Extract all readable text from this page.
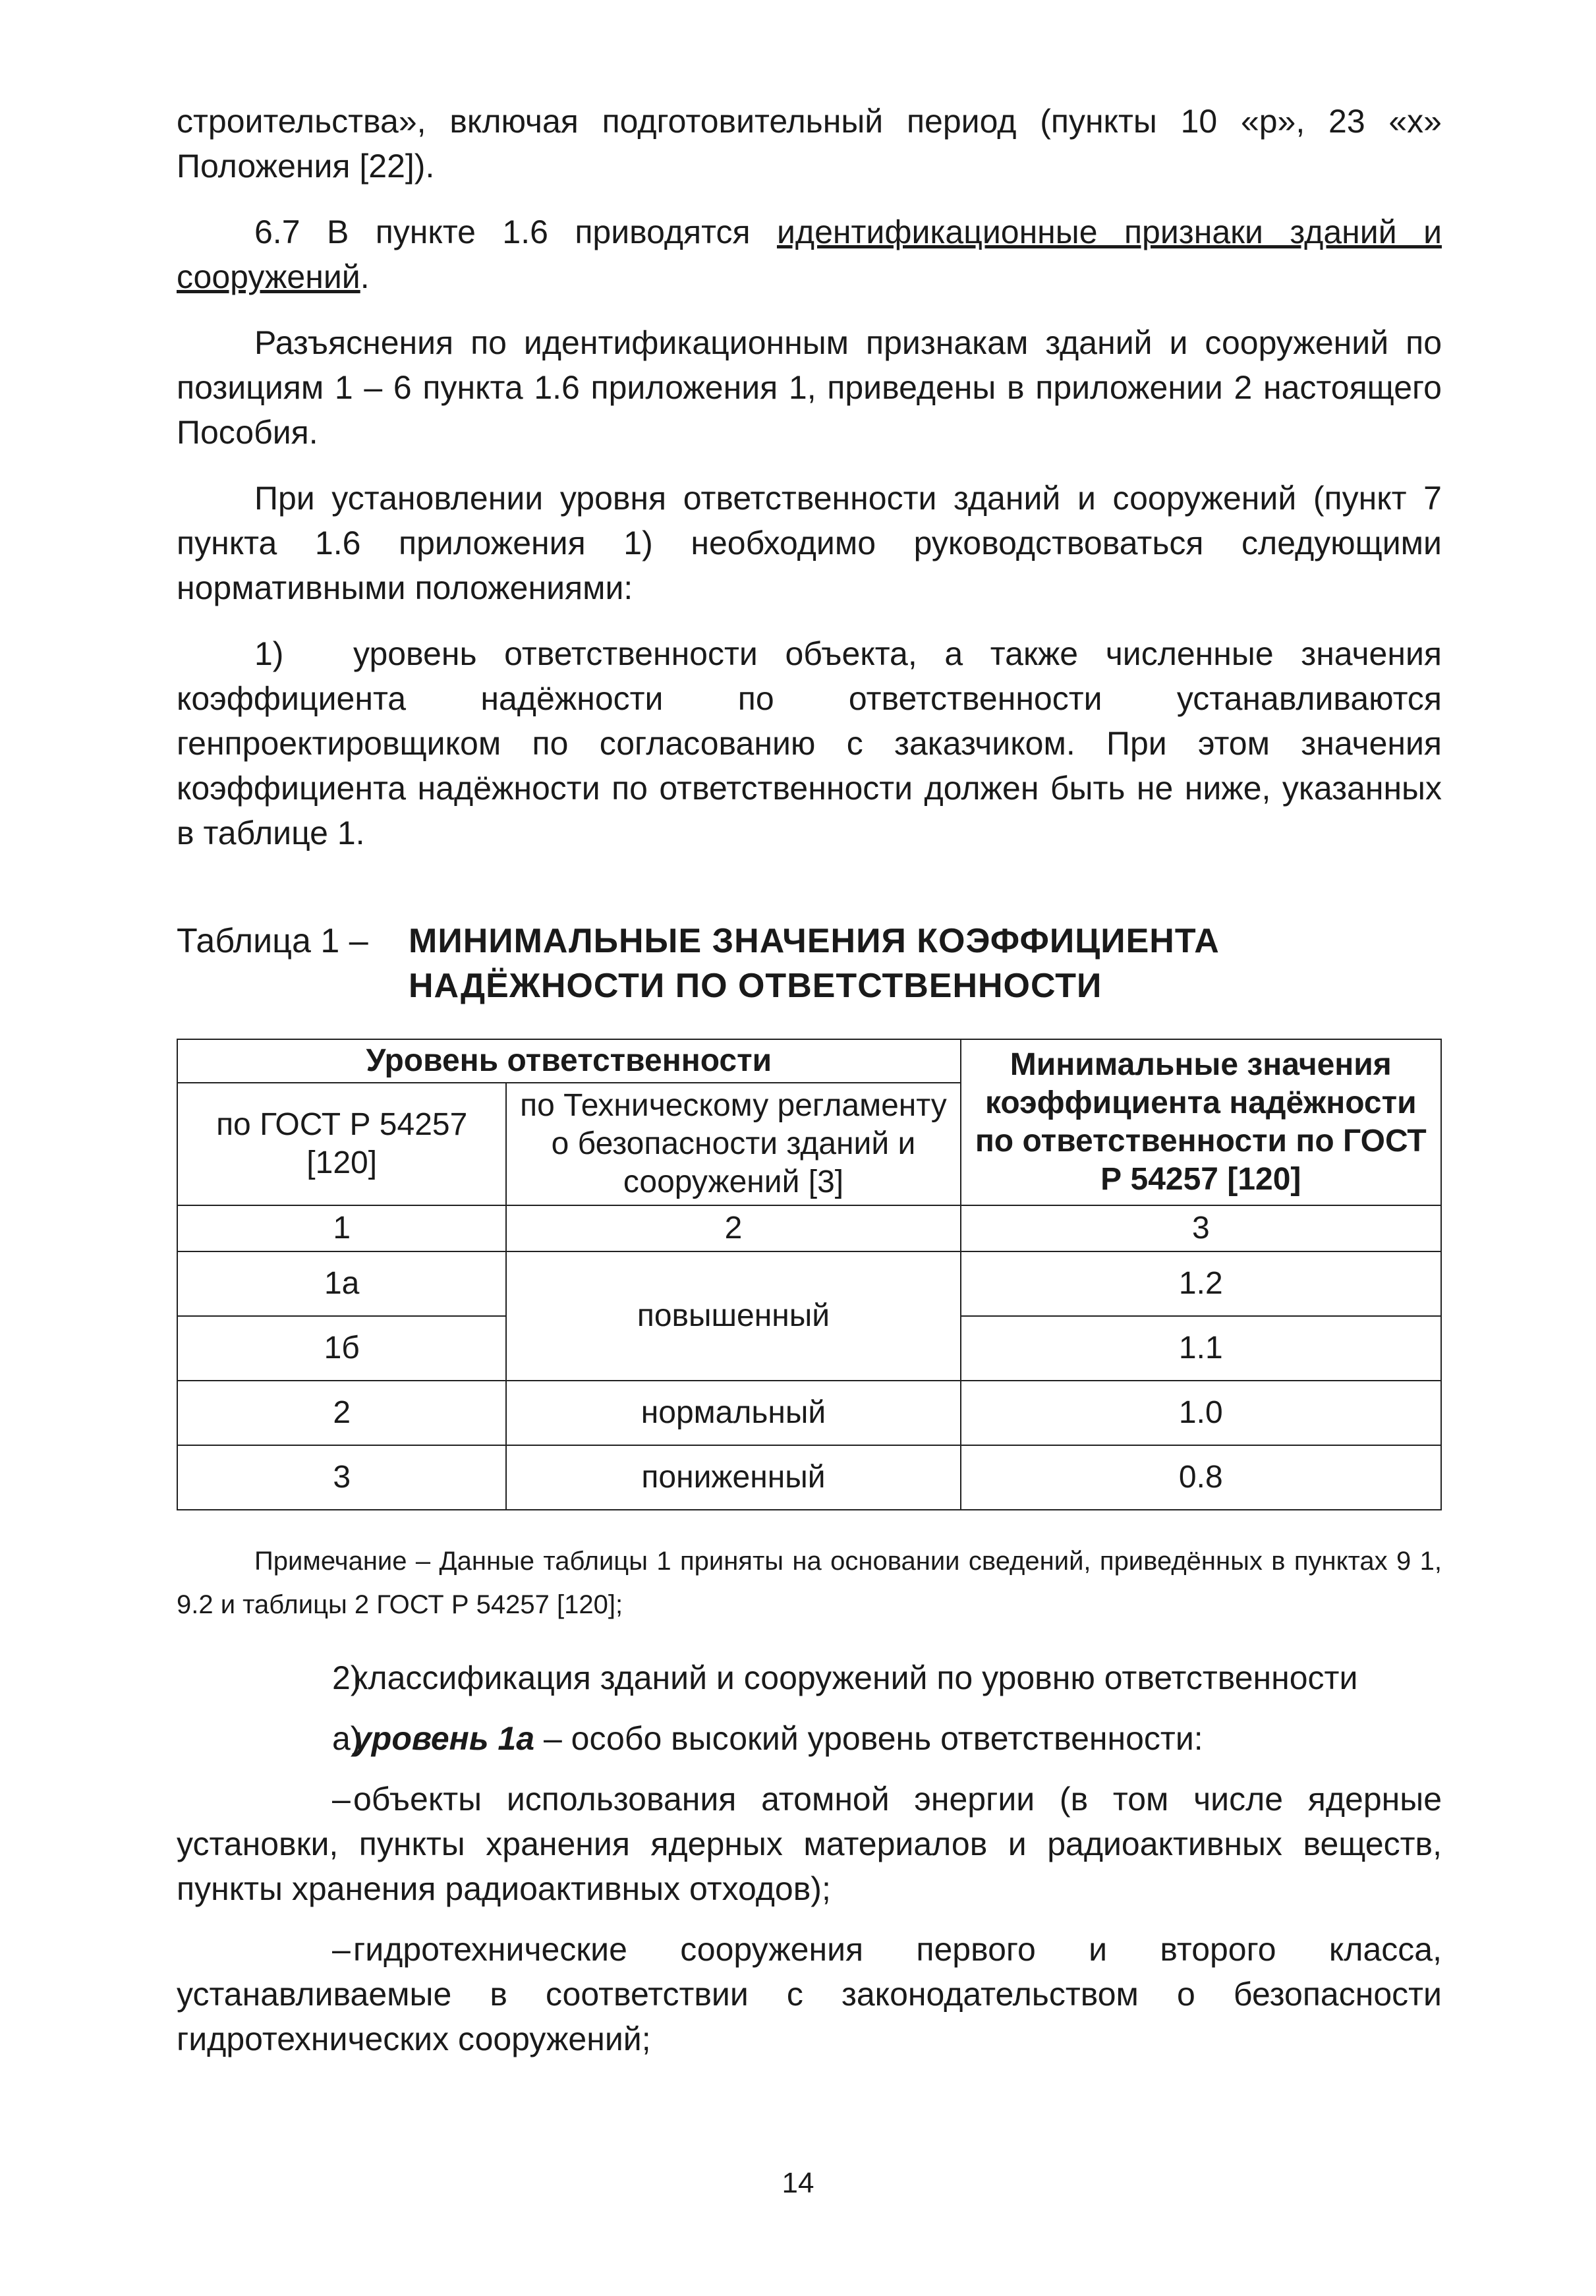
строительства», включая подготовительный период (пункты 10 «р», 23 «х» Положения [22]).

6.7 В пункте 1.6 приводятся идентификационные признаки зданий и сооружений.

Разъяснения по идентификационным признакам зданий и сооружений по позициям 1 – 6 пункта 1.6 приложения 1, приведены в приложении 2 настоящего Пособия.

При установлении уровня ответственности зданий и сооружений (пункт 7 пункта 1.6 приложения 1) необходимо руководствоваться следующими нормативными положениями:

1) уровень ответственности объекта, а также численные значения коэффициента надёжности по ответственности устанавливаются генпроектировщиком по согласованию с заказчиком. При этом значения коэффициента надёжности по ответственности должен быть не ниже, указанных в таблице 1.

Таблица 1 –	МИНИМАЛЬНЫЕ ЗНАЧЕНИЯ КОЭФФИЦИЕНТА НАДЁЖНОСТИ ПО ОТВЕТСТВЕННОСТИ
Уровень ответственности		Минимальные значения коэффициента надёжности по ответственности по ГОСТ Р 54257 [120]
по ГОСТ Р 54257 [120]	по Техническому регламенту о безопасности зданий и сооружений [3]	
1	2	3
1а	повышенный	1.2
1б		1.1
2	нормальный	1.0
3	пониженный	0.8

Примечание – Данные таблицы 1 приняты на основании сведений, приведённых в пунктах 9 1, 9.2 и таблицы 2 ГОСТ Р 54257 [120];

2)классификация зданий и сооружений по уровню ответственности

а)уровень 1а – особо высокий уровень ответственности:

–объекты использования атомной энергии (в том числе ядерные установки, пункты хранения ядерных материалов и радиоактивных веществ, пункты хранения радиоактивных отходов);

–гидротехнические сооружения первого и второго класса, устанавливаемые в соответствии с законодательством о безопасности гидротехнических сооружений;

14
